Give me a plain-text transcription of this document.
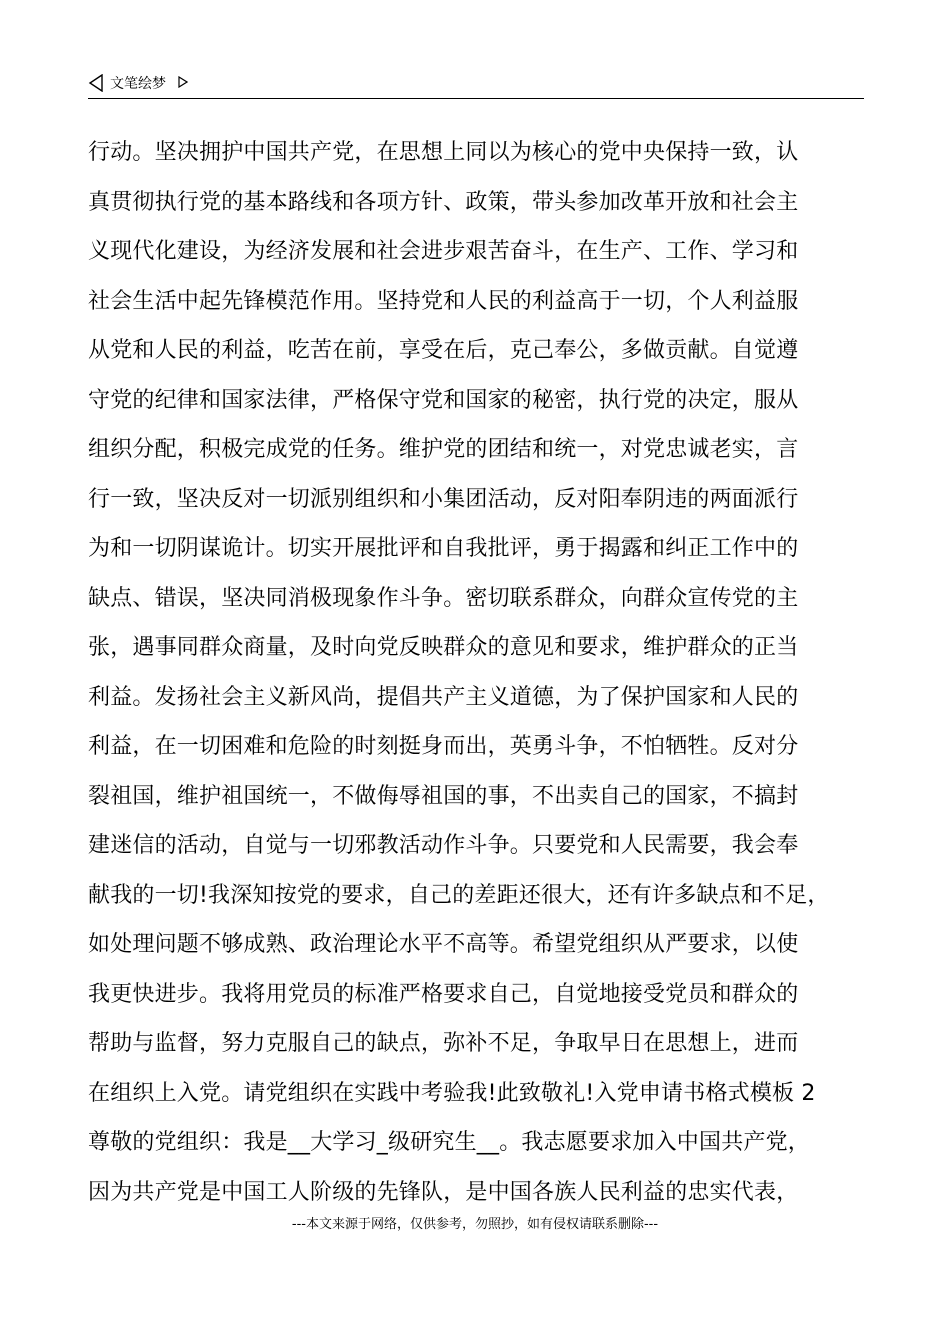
文笔绘梦
行动。坚决拥护中国共产党，在思想上同以为核心的党中央保持一致，认
真贯彻执行党的基本路线和各项方针、政策，带头参加改革开放和社会主
义现代化建设，为经济发展和社会进步艰苦奋斗，在生产、工作、学习和
社会生活中起先锋模范作用。坚持党和人民的利益高于一切，个人利益服
从党和人民的利益，吃苦在前，享受在后，克己奉公，多做贡献。自觉遵
守党的纪律和国家法律，严格保守党和国家的秘密，执行党的决定，服从
组织分配，积极完成党的任务。维护党的团结和统一，对党忠诚老实，言
行一致，坚决反对一切派别组织和小集团活动，反对阳奉阴违的两面派行
为和一切阴谋诡计。切实开展批评和自我批评，勇于揭露和纠正工作中的
缺点、错误，坚决同消极现象作斗争。密切联系群众，向群众宣传党的主
张，遇事同群众商量，及时向党反映群众的意见和要求，维护群众的正当
利益。发扬社会主义新风尚，提倡共产主义道德，为了保护国家和人民的
利益，在一切困难和危险的时刻挺身而出，英勇斗争，不怕牺牲。反对分
裂祖国，维护祖国统一，不做侮辱祖国的事，不出卖自己的国家，不搞封
建迷信的活动，自觉与一切邪教活动作斗争。只要党和人民需要，我会奉
献我的一切!我深知按党的要求，自己的差距还很大，还有许多缺点和不足，
如处理问题不够成熟、政治理论水平不高等。希望党组织从严要求，以使
我更快进步。我将用党员的标准严格要求自己，自觉地接受党员和群众的
帮助与监督，努力克服自己的缺点，弥补不足，争取早日在思想上，进而
在组织上入党。请党组织在实践中考验我!此致敬礼!入党申请书格式模板 2
尊敬的党组织：我是__大学习_级研究生__。我志愿要求加入中国共产党，
因为共产党是中国工人阶级的先锋队，是中国各族人民利益的忠实代表，
---本文来源于网络，仅供参考，勿照抄，如有侵权请联系删除---
